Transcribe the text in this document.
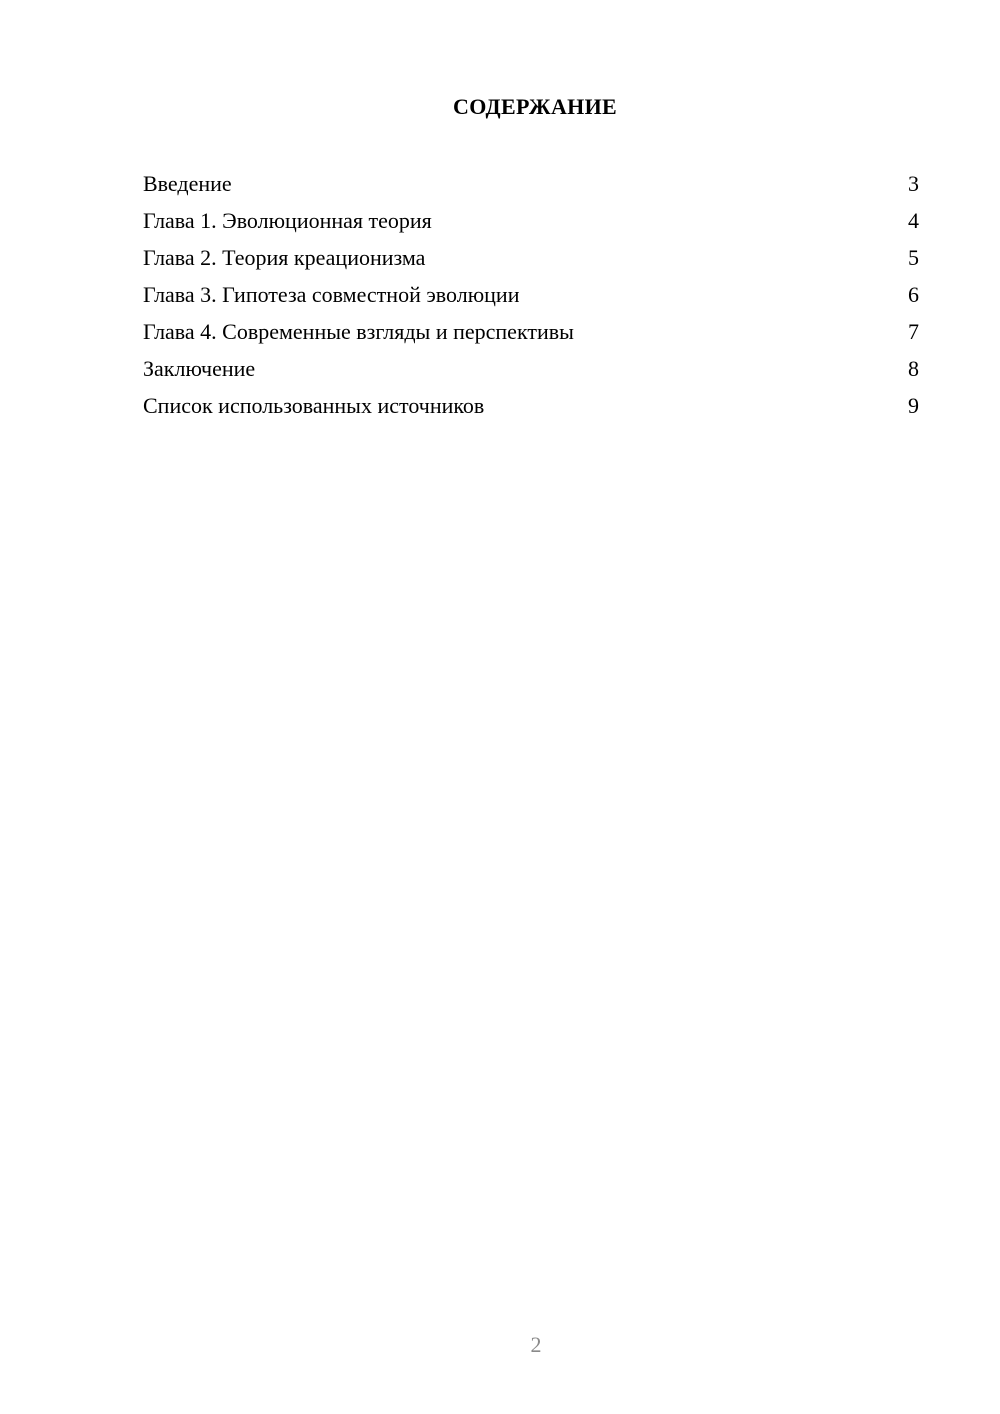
СОДЕРЖАНИЕ
Введение	3
Глава 1. Эволюционная теория	4
Глава 2. Теория креационизма	5
Глава 3. Гипотеза совместной эволюции	6
Глава 4. Современные взгляды и перспективы	7
Заключение	8
Список использованных источников	9
2
